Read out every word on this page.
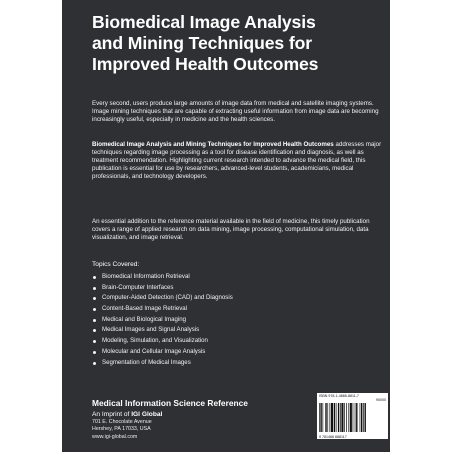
Biomedical Image Analysis
and Mining Techniques for
Improved Health Outcomes

Every second, users produce large amounts of image data from medical and satellite imaging systems. Image mining techniques that are capable of extracting useful information from image data are becoming increasingly useful, especially in medicine and the health sciences.

Biomedical Image Analysis and Mining Techniques for Improved Health Outcomes addresses major techniques regarding image processing as a tool for disease identification and diagnosis, as well as treatment recommendation. Highlighting current research intended to advance the medical field, this publication is essential for use by researchers, advanced-level students, academicians, medical professionals, and technology developers.

An essential addition to the reference material available in the field of medicine, this timely publication covers a range of applied research on data mining, image processing, computational simulation, data visualization, and image retrieval.

Topics Covered:

Biomedical Information Retrieval
Brain-Computer Interfaces
Computer-Aided Detection (CAD) and Diagnosis
Content-Based Image Retrieval
Medical and Biological Imaging
Medical Images and Signal Analysis
Modeling, Simulation, and Visualization
Molecular and Cellular Image Analysis
Segmentation of Medical Images
Medical Information Science Reference
An Imprint of IGI Global
701 E. Chocolate Avenue
Hershey, PA 17033, USA
www.igi-global.com
ISBN 978-1-4666-8811-7
90000
9 781466 688117
